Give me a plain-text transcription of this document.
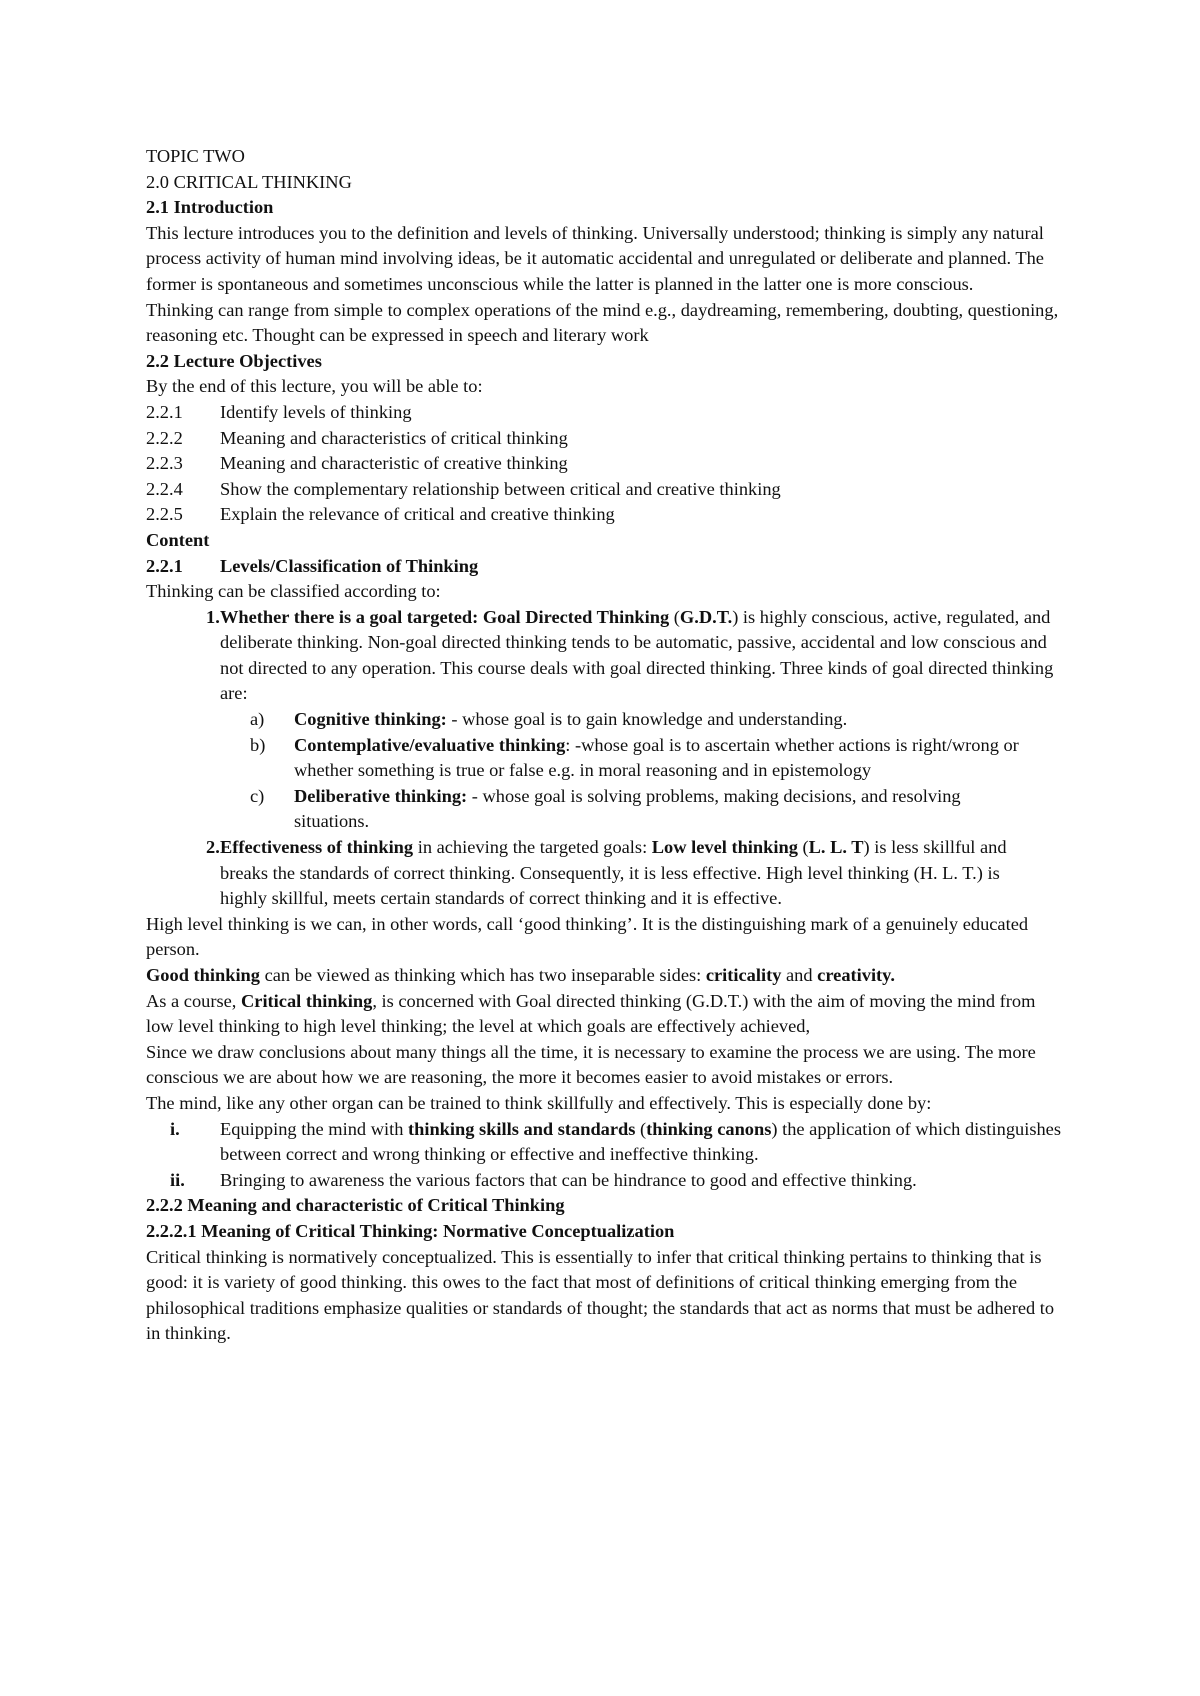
TOPIC TWO

2.0 CRITICAL THINKING

2.1 Introduction

This lecture introduces you to the definition and levels of thinking. Universally understood; thinking is simply any natural process activity of human mind involving ideas, be it automatic accidental and unregulated or deliberate and planned. The former is spontaneous and sometimes unconscious while the latter is planned in the latter one is more conscious.

Thinking can range from simple to complex operations of the mind e.g., daydreaming, remembering, doubting, questioning, reasoning etc. Thought can be expressed in speech and literary work

2.2 Lecture Objectives

By the end of this lecture, you will be able to:

2.2.1	Identify levels of thinking
2.2.2	Meaning and characteristics of critical thinking
2.2.3	Meaning and characteristic of creative thinking
2.2.4	Show the complementary relationship between critical and creative thinking
2.2.5	Explain the relevance of critical and creative thinking

Content

2.2.1	Levels/Classification of Thinking

Thinking can be classified according to:

1. Whether there is a goal targeted: Goal Directed Thinking (G.D.T.) is highly conscious, active, regulated, and deliberate thinking. Non-goal directed thinking tends to be automatic, passive, accidental and low conscious and not directed to any operation. This course deals with goal directed thinking. Three kinds of goal directed thinking are:
a)	Cognitive thinking: - whose goal is to gain knowledge and understanding.
b)	Contemplative/evaluative thinking: -whose goal is to ascertain whether actions is right/wrong or whether something is true or false e.g. in moral reasoning and in epistemology
c)	Deliberative thinking: - whose goal is solving problems, making decisions, and resolving situations.
2. Effectiveness of thinking in achieving the targeted goals: Low level thinking (L. L. T) is less skillful and breaks the standards of correct thinking. Consequently, it is less effective. High level thinking (H. L. T.) is highly skillful, meets certain standards of correct thinking and it is effective.

High level thinking is we can, in other words, call ‘good thinking’. It is the distinguishing mark of a genuinely educated person.

Good thinking can be viewed as thinking which has two inseparable sides: criticality and creativity.

As a course, Critical thinking, is concerned with Goal directed thinking (G.D.T.) with the aim of moving the mind from low level thinking to high level thinking; the level at which goals are effectively achieved,

Since we draw conclusions about many things all the time, it is necessary to examine the process we are using. The more conscious we are about how we are reasoning, the more it becomes easier to avoid mistakes or errors.

The mind, like any other organ can be trained to think skillfully and effectively. This is especially done by:

i.	Equipping the mind with thinking skills and standards (thinking canons) the application of which distinguishes between correct and wrong thinking or effective and ineffective thinking.
ii.	Bringing to awareness the various factors that can be hindrance to good and effective thinking.

2.2.2 Meaning and characteristic of Critical Thinking

2.2.2.1 Meaning of Critical Thinking: Normative Conceptualization

Critical thinking is normatively conceptualized. This is essentially to infer that critical thinking pertains to thinking that is good: it is variety of good thinking. this owes to the fact that most of definitions of critical thinking emerging from the philosophical traditions emphasize qualities or standards of thought; the standards that act as norms that must be adhered to in thinking.
